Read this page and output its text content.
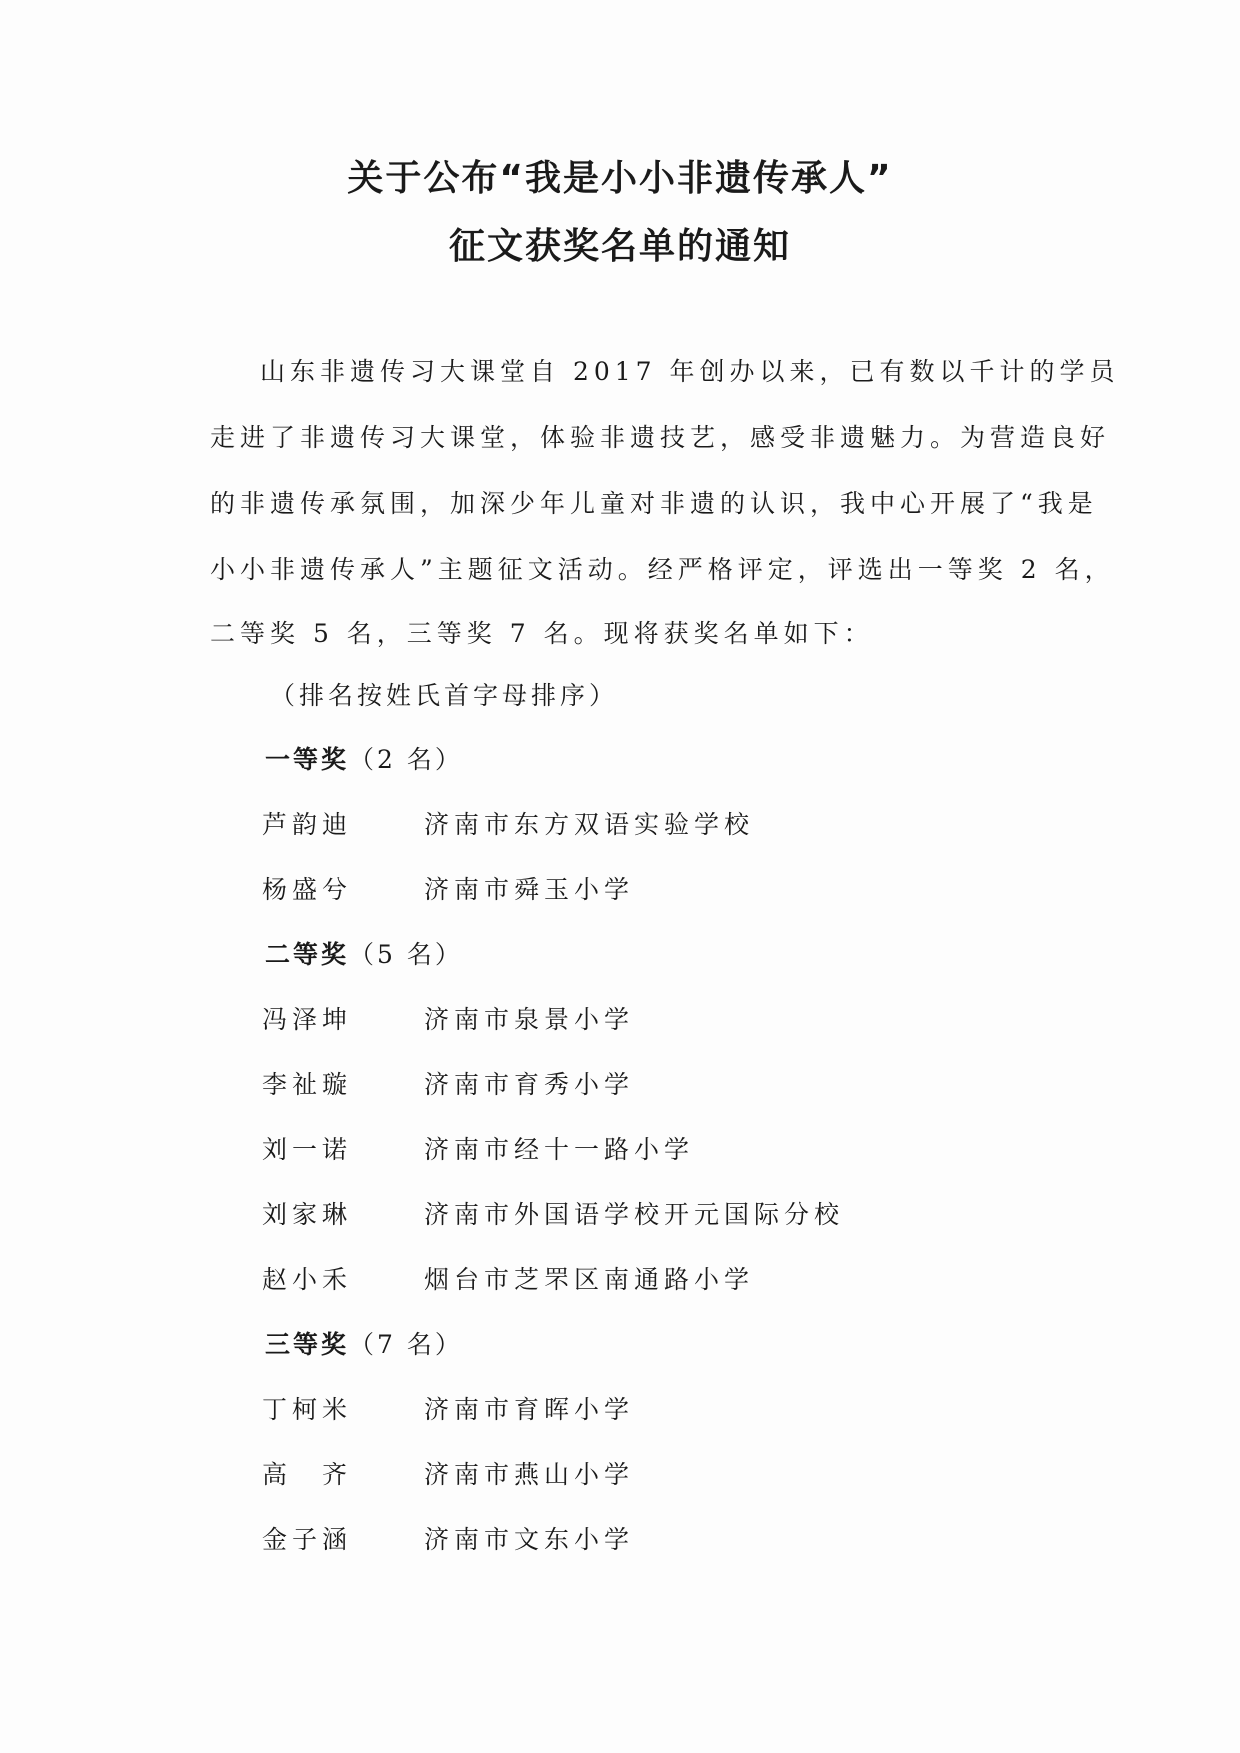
关于公布“我是小小非遗传承人”
征文获奖名单的通知
山东非遗传习大课堂自 2017 年创办以来，已有数以千计的学员
走进了非遗传习大课堂，体验非遗技艺，感受非遗魅力。为营造良好
的非遗传承氛围，加深少年儿童对非遗的认识，我中心开展了“我是
小小非遗传承人”主题征文活动。经严格评定，评选出一等奖 2 名，
二等奖 5 名，三等奖 7 名。现将获奖名单如下：

（排名按姓氏首字母排序）

一等奖（2 名）
芦韵迪	济南市东方双语实验学校
杨盛兮	济南市舜玉小学
二等奖（5 名）
冯泽坤	济南市泉景小学
李祉璇	济南市育秀小学
刘一诺	济南市经十一路小学
刘家琳	济南市外国语学校开元国际分校
赵小禾	烟台市芝罘区南通路小学
三等奖（7 名）
丁柯米	济南市育晖小学
高　齐	济南市燕山小学
金子涵	济南市文东小学
